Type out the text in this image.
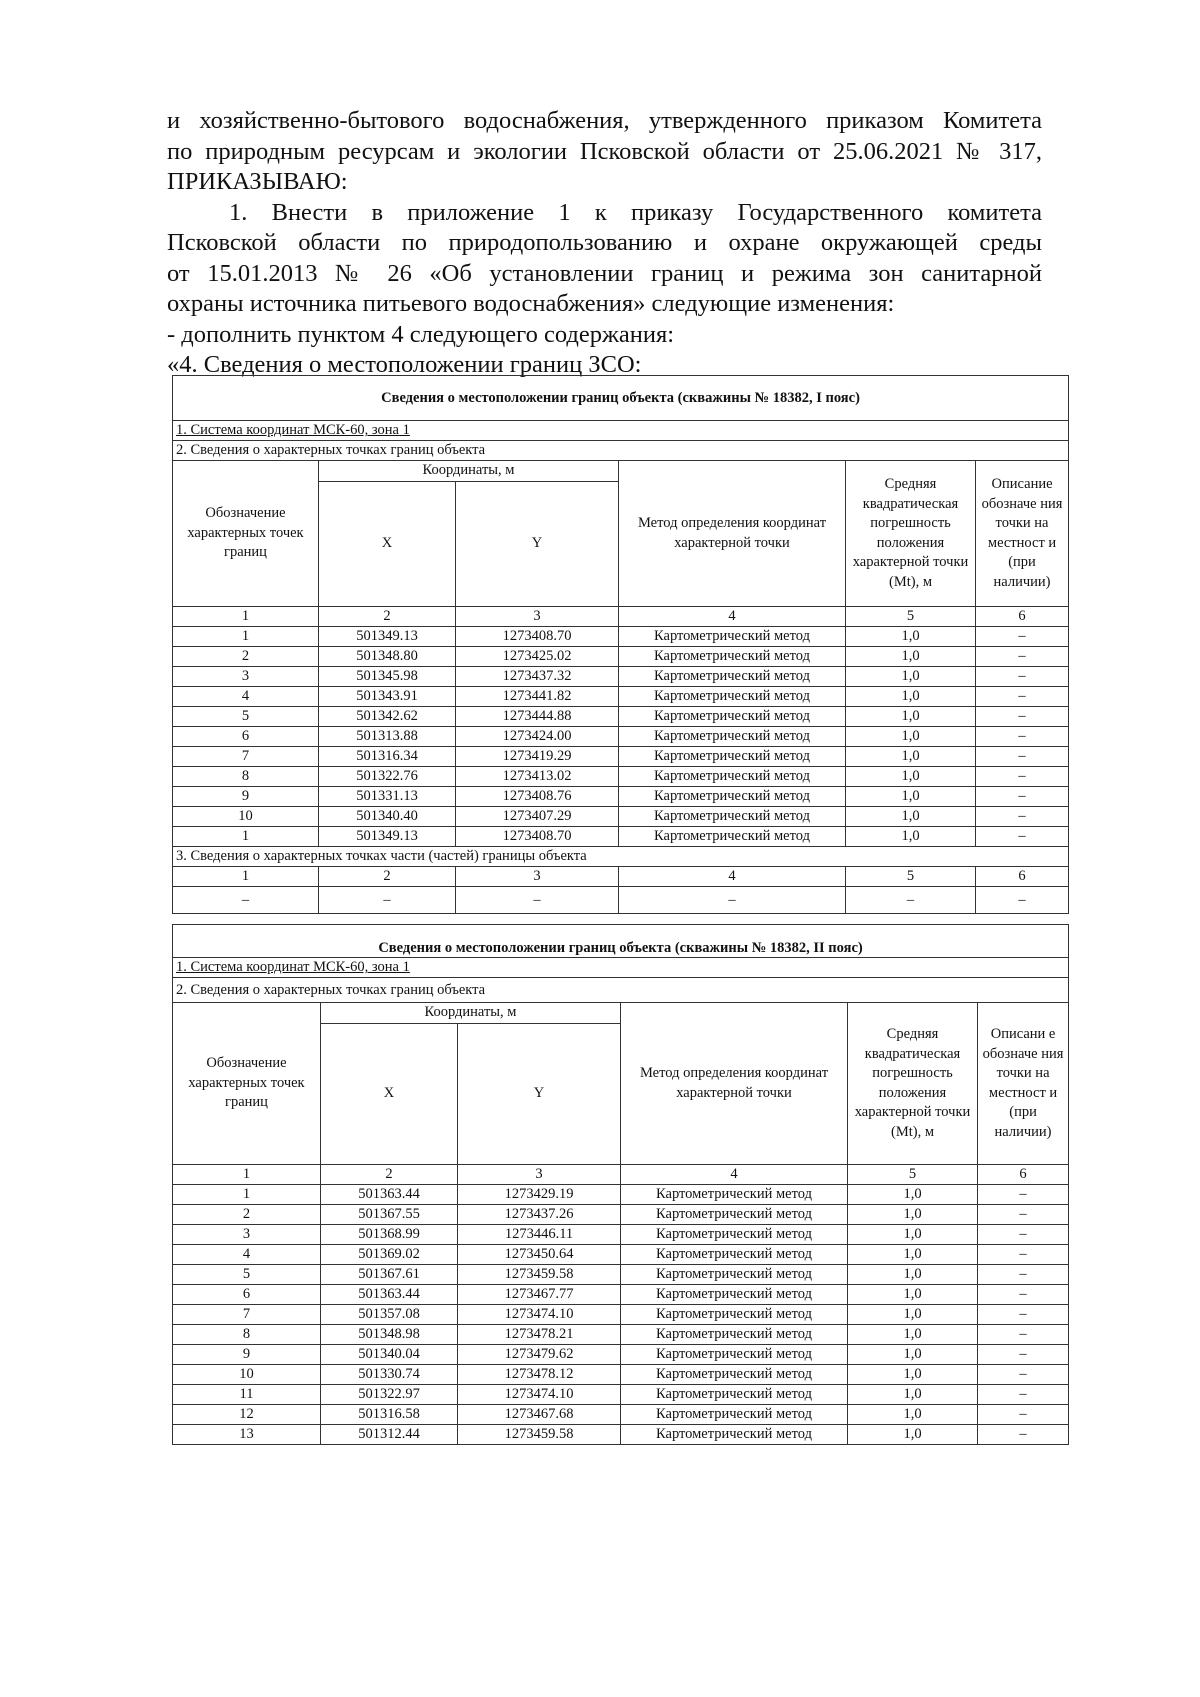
и хозяйственно-бытового водоснабжения, утвержденного приказом Комитета
по природным ресурсам и экологии Псковской области от 25.06.2021 № 317,
ПРИКАЗЫВАЮ:
1. Внести в приложение 1 к приказу Государственного комитета
Псковской области по природопользованию и охране окружающей среды
от 15.01.2013 № 26 «Об установлении границ и режима зон санитарной
охраны источника питьевого водоснабжения» следующие изменения:
- дополнить пунктом 4 следующего содержания:
«4. Сведения о местоположении границ ЗСО:
Сведения о местоположении границ объекта (скважины № 18382, I пояс)					
1. Система координат МСК-60, зона 1					
2. Сведения о характерных точках границ объекта					
Обозначение характерных точек границ	Координаты, м		Метод определения координат характерной точки	Средняя квадратическая погрешность положения характерной точки (Mt), м	Описание обозначе ния точки на местност и (при наличии)
	X	Y			
1	2	3	4	5	6
1	501349.13	1273408.70	Картометрический метод	1,0	–
2	501348.80	1273425.02	Картометрический метод	1,0	–
3	501345.98	1273437.32	Картометрический метод	1,0	–
4	501343.91	1273441.82	Картометрический метод	1,0	–
5	501342.62	1273444.88	Картометрический метод	1,0	–
6	501313.88	1273424.00	Картометрический метод	1,0	–
7	501316.34	1273419.29	Картометрический метод	1,0	–
8	501322.76	1273413.02	Картометрический метод	1,0	–
9	501331.13	1273408.76	Картометрический метод	1,0	–
10	501340.40	1273407.29	Картометрический метод	1,0	–
1	501349.13	1273408.70	Картометрический метод	1,0	–
3. Сведения о характерных точках части (частей) границы объекта					
1	2	3	4	5	6
–	–	–	–	–	–
Сведения о местоположении границ объекта (скважины № 18382, II пояс)					
1. Система координат МСК-60, зона 1					
2. Сведения о характерных точках границ объекта					
Обозначение характерных точек границ	Координаты, м		Метод определения координат характерной точки	Средняя квадратическая погрешность положения характерной точки (Mt), м	Описани е обозначе ния точки на местност и (при наличии)
	X	Y			
1	2	3	4	5	6
1	501363.44	1273429.19	Картометрический метод	1,0	–
2	501367.55	1273437.26	Картометрический метод	1,0	–
3	501368.99	1273446.11	Картометрический метод	1,0	–
4	501369.02	1273450.64	Картометрический метод	1,0	–
5	501367.61	1273459.58	Картометрический метод	1,0	–
6	501363.44	1273467.77	Картометрический метод	1,0	–
7	501357.08	1273474.10	Картометрический метод	1,0	–
8	501348.98	1273478.21	Картометрический метод	1,0	–
9	501340.04	1273479.62	Картометрический метод	1,0	–
10	501330.74	1273478.12	Картометрический метод	1,0	–
11	501322.97	1273474.10	Картометрический метод	1,0	–
12	501316.58	1273467.68	Картометрический метод	1,0	–
13	501312.44	1273459.58	Картометрический метод	1,0	–
